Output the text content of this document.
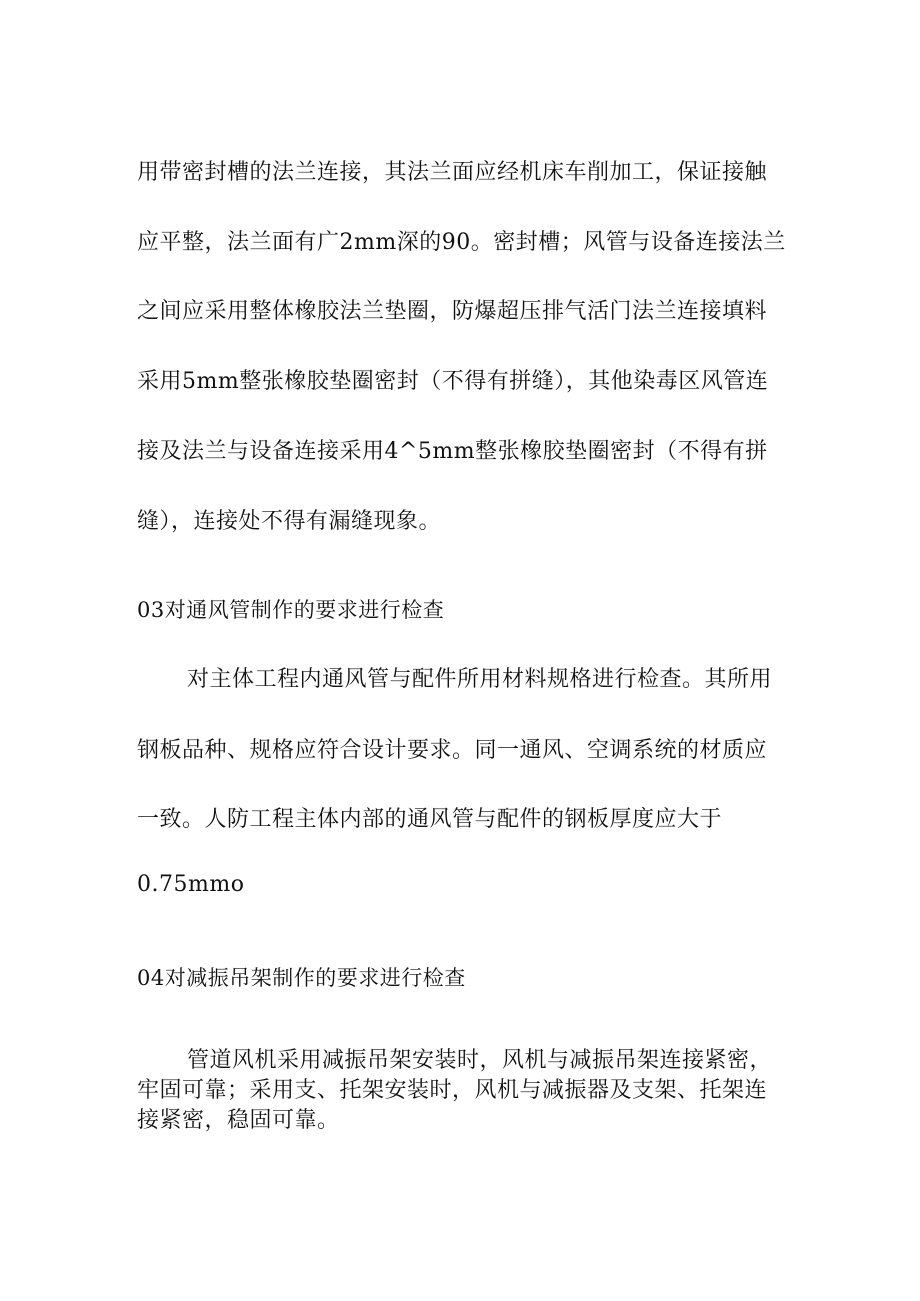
用带密封槽的法兰连接，其法兰面应经机床车削加工，保证接触
应平整，法兰面有广2mm深的90。密封槽；风管与设备连接法兰
之间应采用整体橡胶法兰垫圈，防爆超压排气活门法兰连接填料
采用5mm整张橡胶垫圈密封（不得有拼缝），其他染毒区风管连
接及法兰与设备连接采用4^5mm整张橡胶垫圈密封（不得有拼
缝），连接处不得有漏缝现象。
03对通风管制作的要求进行检查
对主体工程内通风管与配件所用材料规格进行检查。其所用
钢板品种、规格应符合设计要求。同一通风、空调系统的材质应
一致。人防工程主体内部的通风管与配件的钢板厚度应大于
0.75mmo
04对减振吊架制作的要求进行检查
管道风机采用减振吊架安装时，风机与减振吊架连接紧密，
牢固可靠；采用支、托架安装时，风机与减振器及支架、托架连
接紧密，稳固可靠。
